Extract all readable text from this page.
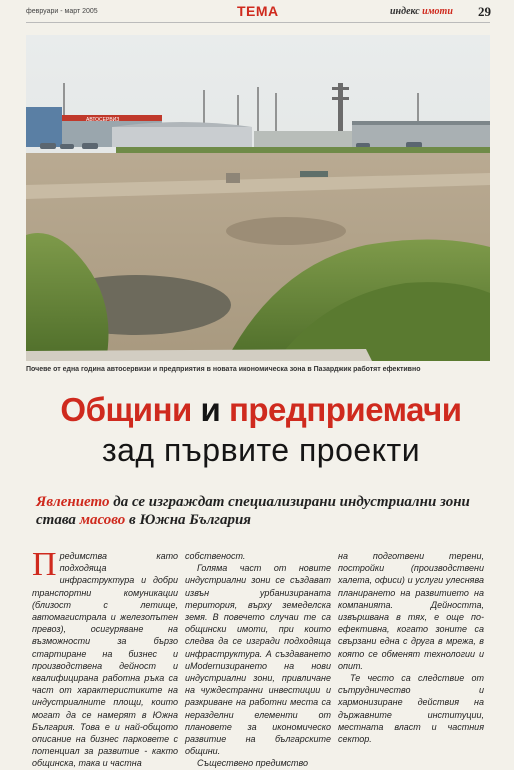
февруари - март 2005	ТЕМА	индекс имоти 29
АВТОСЕРВИЗ
Почеве от една година автосервизи и предприятия в новата икономическа зона в Пазарджик работят ефективно
Общини и предприемачи
зад първите проекти
Явлението да се изграждат специализирани индустриални зони става масово в Южна България

Предимства като подходяща инфраструктура и добри транспортни комуникации (близост с летище, автомагистрала и железопътен превоз), осигуряване на възможности за бързо стартиране на бизнес и производствена дейност и квалифицирана работна ръка са част от характеристиките на индустриалните площи, които могат да се намерят в Южна България. Това е и най-общото описание на бизнес парковете с потенциал за развитие - както общинска, така и частна

собственост.

Голяма част от новите индустриални зони се създават извън урбанизираната територия, върху земеделска земя. В повечето случаи те са общински имоти, при които следва да се изгради подходяща инфраструктура. А създаването иModernизирането на нови индустриални зони, привличане на чуждестранни инвестиции и разкриване на работни места са неразделни елементи от плановете за икономическо развитие на българските общини.

Съществено предимство

на подготвени терени, постройки (производствени халета, офиси) и услуги улеснява планирането на развитието на компанията. Дейността, извършвана в тях, е още по-ефективна, когато зоните са свързани една с друга в мрежа, в която се обменят технологии и опит.

Те често са следствие от сътрудничество и хармонизиране действия на държавните институции, местната власт и частния сектор.
